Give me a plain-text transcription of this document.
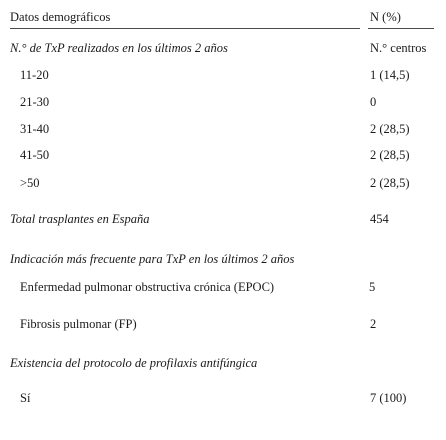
Datos demográficos	N (%)
N.° de TxP realizados en los últimos 2 años	N.° centros
11-20	1 (14,5)
21-30	0
31-40	2 (28,5)
41-50	2 (28,5)
>50	2 (28,5)
Total trasplantes en España	454
Indicación más frecuente para TxP en los últimos 2 años
Enfermedad pulmonar obstructiva crónica (EPOC)	5
Fibrosis pulmonar (FP)	2
Existencia del protocolo de profilaxis antifúngica
Sí	7 (100)
